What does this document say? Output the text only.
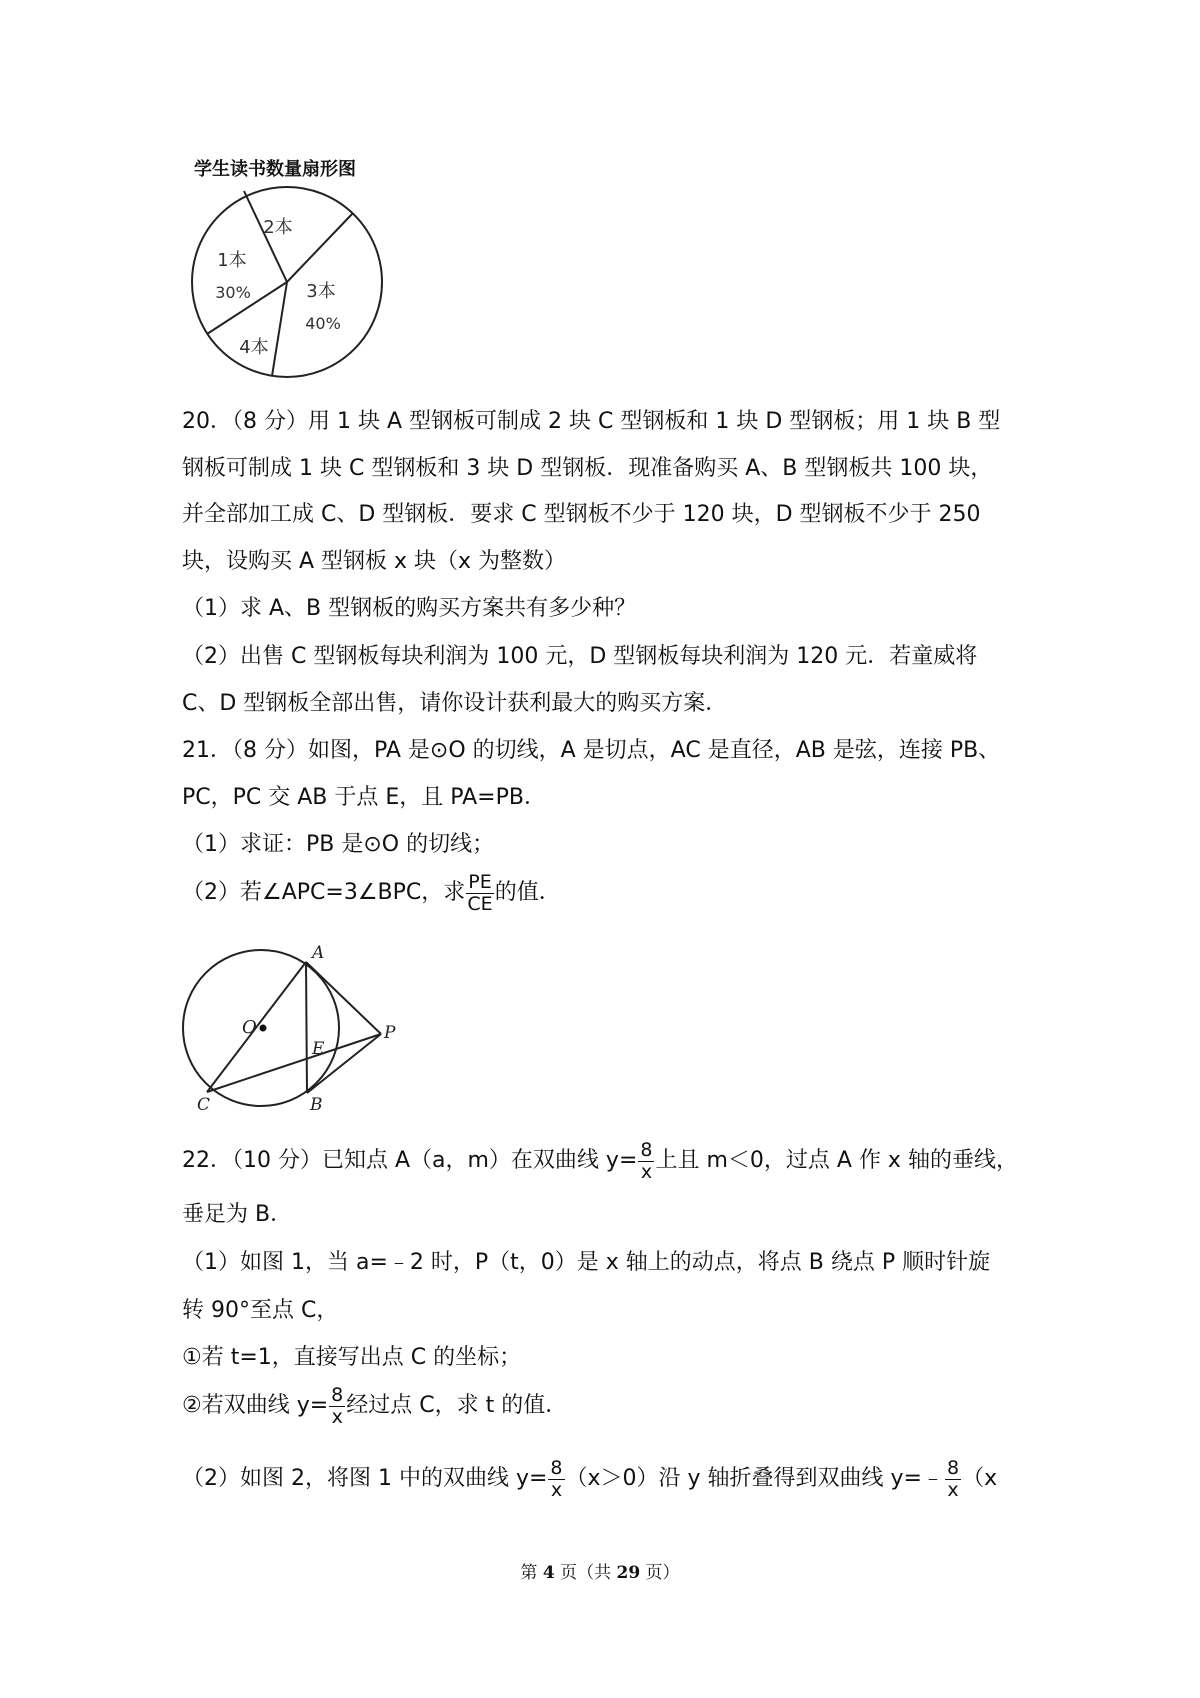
学生读书数量扇形图
2本
1本
30%	3本
40%
4本
20．（8 分）用 1 块 A 型钢板可制成 2 块 C 型钢板和 1 块 D 型钢板；用 1 块 B 型
钢板可制成 1 块 C 型钢板和 3 块 D 型钢板．现准备购买 A、B 型钢板共 100 块，
并全部加工成 C、D 型钢板．要求 C 型钢板不少于 120 块，D 型钢板不少于 250
块，设购买 A 型钢板 x 块（x 为整数）
（1）求 A、B 型钢板的购买方案共有多少种？
（2）出售 C 型钢板每块利润为 100 元，D 型钢板每块利润为 120 元．若童威将
C、D 型钢板全部出售，请你设计获利最大的购买方案．
21．（8 分）如图，PA 是⊙O 的切线，A 是切点，AC 是直径，AB 是弦，连接 PB、
PC，PC 交 AB 于点 E，且 PA=PB．
（1）求证：PB 是⊙O 的切线；
（2）若∠APC=3∠BPC，求 $\frac{PE}{CE}$ 的值．
A
O
E
P
C	B
22．（10 分）已知点 A（a，m）在双曲线 $y= \frac{8}{x}$ 上且 m＜0，过点 A 作 x 轴的垂线，
垂足为 B．
（1）如图 1，当 a=﹣2 时，P（t，0）是 x 轴上的动点，将点 B 绕点 P 顺时针旋
转 90°至点 C，
①若 t=1，直接写出点 C 的坐标；
②若双曲线 $y= \frac{8}{x}$ 经过点 C，求 t 的值．
（2）如图 2，将图 1 中的双曲线 $y= \frac{8}{x} (x>0)$沿 y 轴折叠得到双曲线 y=﹣ $\frac{8}{x} (x$
第 4 页（共 29 页）
